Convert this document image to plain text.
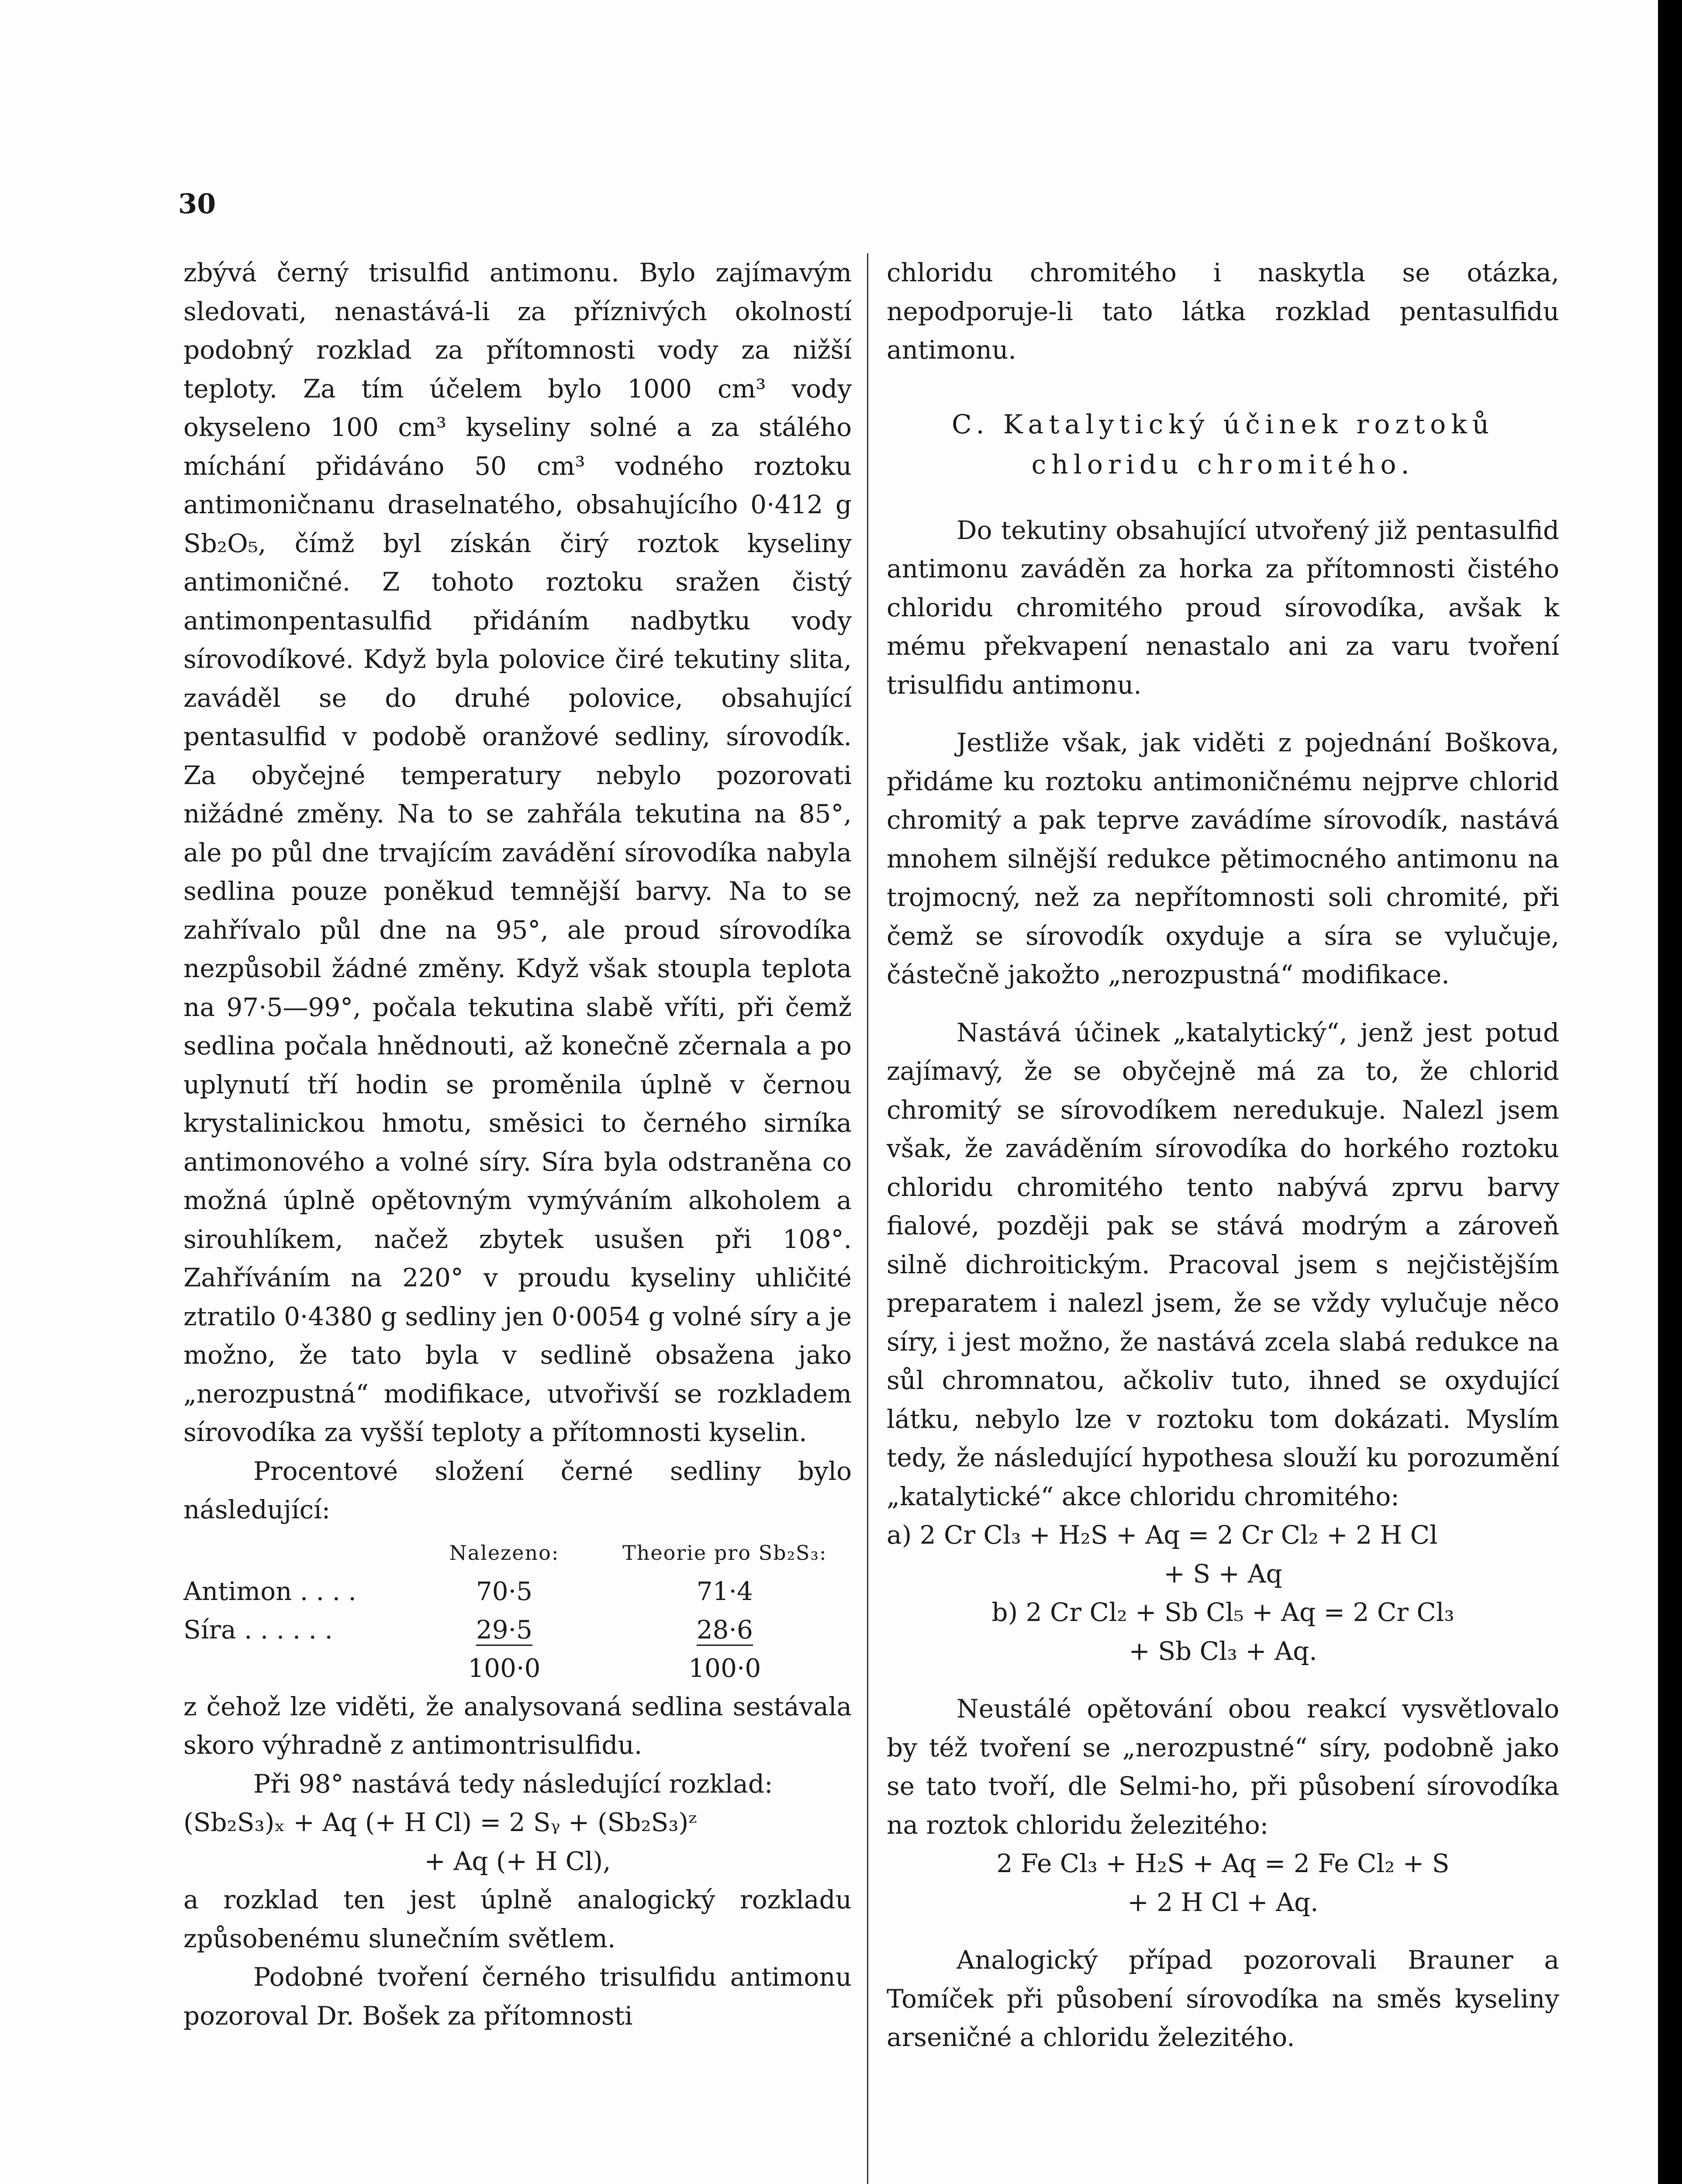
30

zbývá černý trisulfid antimonu. Bylo zajímavým sledovati, nenastává-li za příznivých okolností podobný rozklad za přítomnosti vody za nižší teploty. Za tím účelem bylo 1000 cm³ vody okyseleno 100 cm³ kyseliny solné a za stálého míchání přidáváno 50 cm³ vodného roztoku antimoničnanu draselnatého, obsahujícího 0·412 g Sb₂O₅, čímž byl získán čirý roztok kyseliny antimoničné. Z tohoto roztoku sražen čistý antimonpentasulfid přidáním nadbytku vody sírovodíkové. Když byla polovice čiré tekutiny slita, zaváděl se do druhé polovice, obsahující pentasulfid v podobě oranžové sedliny, sírovodík. Za obyčejné temperatury nebylo pozorovati nižádné změny. Na to se zahřála tekutina na 85°, ale po půl dne trvajícím zavádění sírovodíka nabyla sedlina pouze poněkud temnější barvy. Na to se zahřívalo půl dne na 95°, ale proud sírovodíka nezpůsobil žádné změny. Když však stoupla teplota na 97·5—99°, počala tekutina slabě vříti, při čemž sedlina počala hnědnouti, až konečně zčernala a po uplynutí tří hodin se proměnila úplně v černou krystalinickou hmotu, směsici to černého sirníka antimonového a volné síry. Síra byla odstraněna co možná úplně opětovným vymýváním alkoholem a sirouhlíkem, načež zbytek usušen při 108°. Zahříváním na 220° v proudu kyseliny uhličité ztratilo 0·4380 g sedliny jen 0·0054 g volné síry a je možno, že tato byla v sedlině obsažena jako „nerozpustná“ modifikace, utvořivší se rozkladem sírovodíka za vyšší teploty a přítomnosti kyselin.

Procentové složení černé sedliny bylo následující:

	Nalezeno:	Theorie pro Sb₂S₃:
Antimon . . . .	70·5	71·4
Síra . . . . . .	29·5	28·6
	100·0	100·0

z čehož lze viděti, že analysovaná sedlina sestávala skoro výhradně z antimontrisulfidu.

Při 98° nastává tedy následující rozklad:

(Sb₂S₃)ₓ + Aq (+ H Cl) = 2 Sᵧ + (Sb₂S₃)ᶻ

+ Aq (+ H Cl),

a rozklad ten jest úplně analogický rozkladu způsobenému slunečním světlem.

Podobné tvoření černého trisulfidu antimonu pozoroval Dr. Bošek za přítomnosti

chloridu chromitého i naskytla se otázka, nepodporuje-li tato látka rozklad pentasulfidu antimonu.

C. Katalytický účinek roztoků
chloridu chromitého.

Do tekutiny obsahující utvořený již pentasulfid antimonu zaváděn za horka za přítomnosti čistého chloridu chromitého proud sírovodíka, avšak k mému překvapení nenastalo ani za varu tvoření trisulfidu antimonu.

Jestliže však, jak viděti z pojednání Boškova, přidáme ku roztoku antimoničnému nejprve chlorid chromitý a pak teprve zavádíme sírovodík, nastává mnohem silnější redukce pětimocného antimonu na trojmocný, než za nepřítomnosti soli chromité, při čemž se sírovodík oxyduje a síra se vylučuje, částečně jakožto „nerozpustná“ modifikace.

Nastává účinek „katalytický“, jenž jest potud zajímavý, že se obyčejně má za to, že chlorid chromitý se sírovodíkem neredukuje. Nalezl jsem však, že zaváděním sírovodíka do horkého roztoku chloridu chromitého tento nabývá zprvu barvy fialové, později pak se stává modrým a zároveň silně dichroitickým. Pracoval jsem s nejčistějším preparatem i nalezl jsem, že se vždy vylučuje něco síry, i jest možno, že nastává zcela slabá redukce na sůl chromnatou, ačkoliv tuto, ihned se oxydující látku, nebylo lze v roztoku tom dokázati. Myslím tedy, že následující hypothesa slouží ku porozumění „katalytické“ akce chloridu chromitého:

a) 2 Cr Cl₃ + H₂S + Aq = 2 Cr Cl₂ + 2 H Cl

+ S + Aq

b) 2 Cr Cl₂ + Sb Cl₅ + Aq = 2 Cr Cl₃

+ Sb Cl₃ + Aq.

Neustálé opětování obou reakcí vysvětlovalo by též tvoření se „nerozpustné“ síry, podobně jako se tato tvoří, dle Selmi-ho, při působení sírovodíka na roztok chloridu železitého:

2 Fe Cl₃ + H₂S + Aq = 2 Fe Cl₂ + S

+ 2 H Cl + Aq.

Analogický případ pozorovali Brauner a Tomíček při působení sírovodíka na směs kyseliny arseničné a chloridu železitého.
